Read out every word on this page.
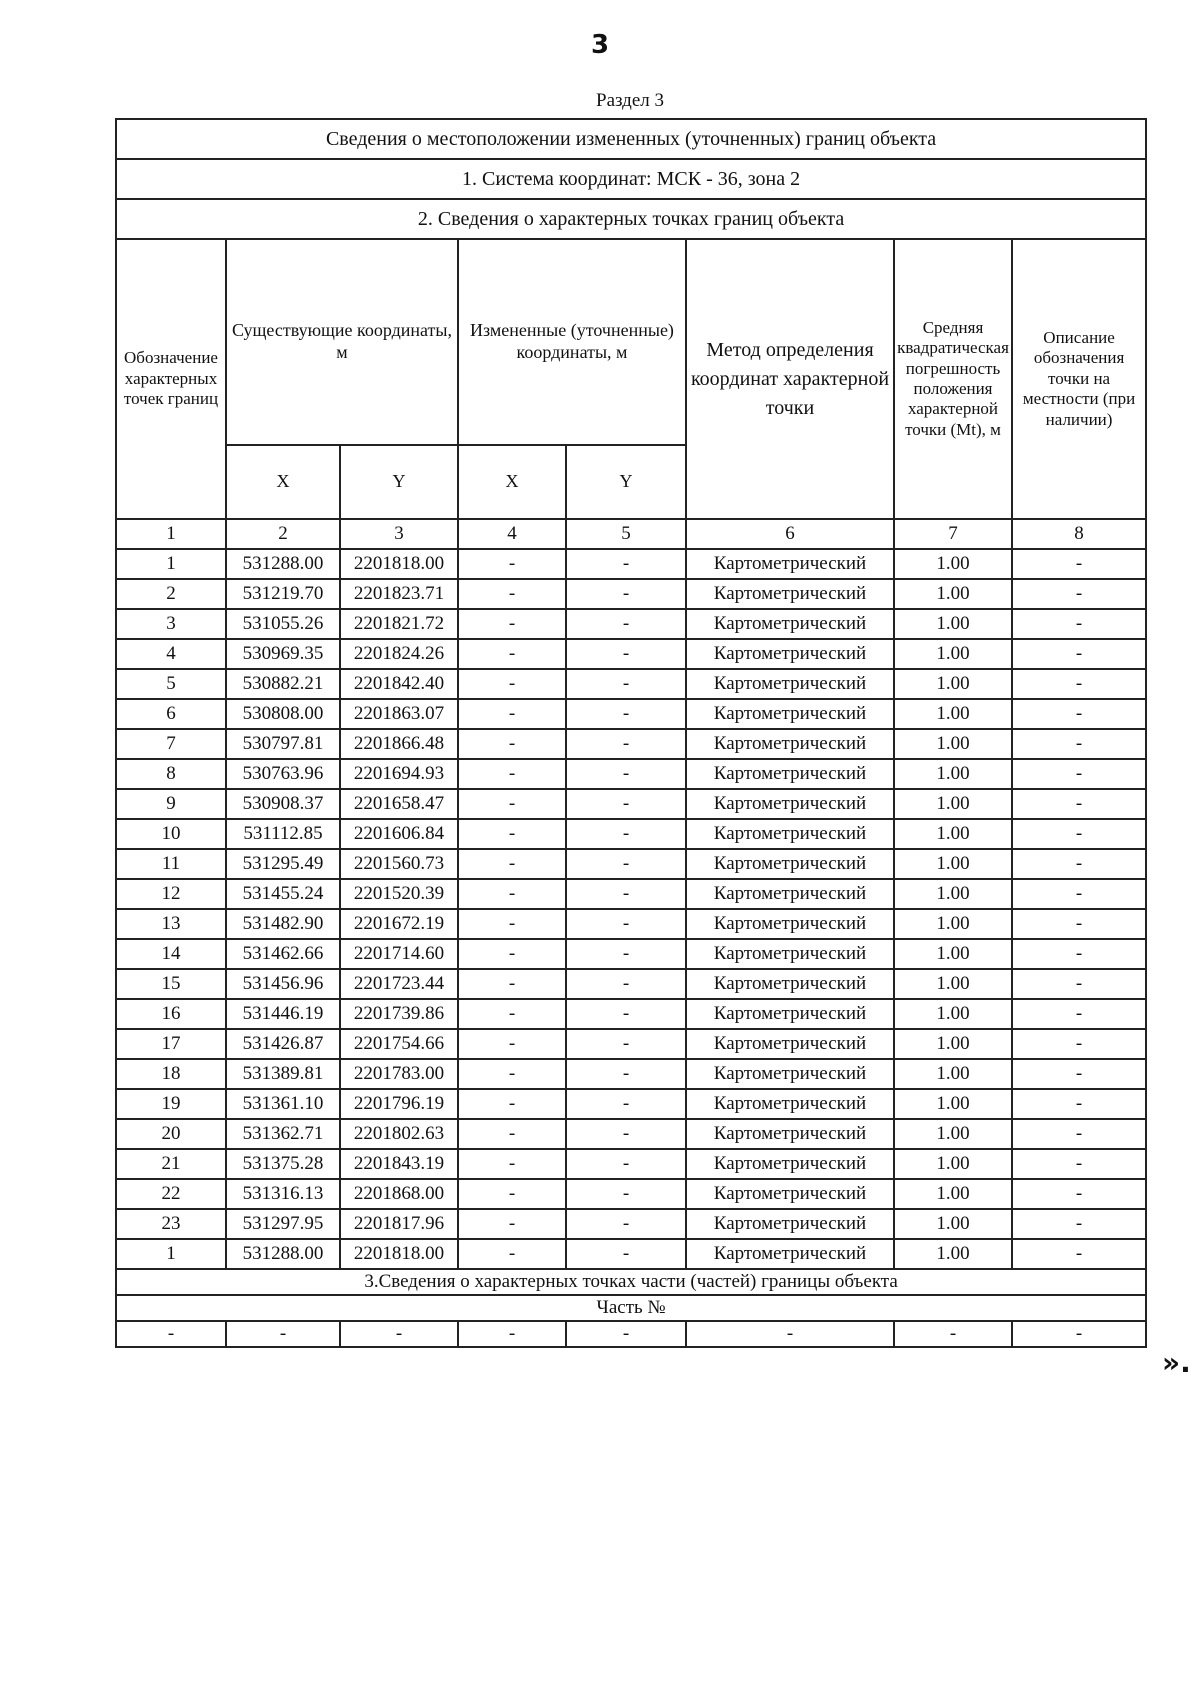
3
Раздел 3
Сведения о местоположении измененных (уточненных) границ объекта							
1. Система координат: МСК - 36, зона 2							
2. Сведения о характерных точках границ объекта							
Обозначение характерных точек границ	Существующие координаты, м		Измененные (уточненные) координаты, м		Метод определения координат характерной точки	Средняя квадратическая погрешность положения характерной точки (Mt), м	Описание обозначения точки на местности (при наличии)
	X	Y	X	Y			
1	2	3	4	5	6	7	8
1	531288.00	2201818.00	-	-	Картометрический	1.00	-
2	531219.70	2201823.71	-	-	Картометрический	1.00	-
3	531055.26	2201821.72	-	-	Картометрический	1.00	-
4	530969.35	2201824.26	-	-	Картометрический	1.00	-
5	530882.21	2201842.40	-	-	Картометрический	1.00	-
6	530808.00	2201863.07	-	-	Картометрический	1.00	-
7	530797.81	2201866.48	-	-	Картометрический	1.00	-
8	530763.96	2201694.93	-	-	Картометрический	1.00	-
9	530908.37	2201658.47	-	-	Картометрический	1.00	-
10	531112.85	2201606.84	-	-	Картометрический	1.00	-
11	531295.49	2201560.73	-	-	Картометрический	1.00	-
12	531455.24	2201520.39	-	-	Картометрический	1.00	-
13	531482.90	2201672.19	-	-	Картометрический	1.00	-
14	531462.66	2201714.60	-	-	Картометрический	1.00	-
15	531456.96	2201723.44	-	-	Картометрический	1.00	-
16	531446.19	2201739.86	-	-	Картометрический	1.00	-
17	531426.87	2201754.66	-	-	Картометрический	1.00	-
18	531389.81	2201783.00	-	-	Картометрический	1.00	-
19	531361.10	2201796.19	-	-	Картометрический	1.00	-
20	531362.71	2201802.63	-	-	Картометрический	1.00	-
21	531375.28	2201843.19	-	-	Картометрический	1.00	-
22	531316.13	2201868.00	-	-	Картометрический	1.00	-
23	531297.95	2201817.96	-	-	Картометрический	1.00	-
1	531288.00	2201818.00	-	-	Картометрический	1.00	-
3.Сведения о характерных точках части (частей) границы объекта							
Часть №							
-	-	-	-	-	-	-	-
».
